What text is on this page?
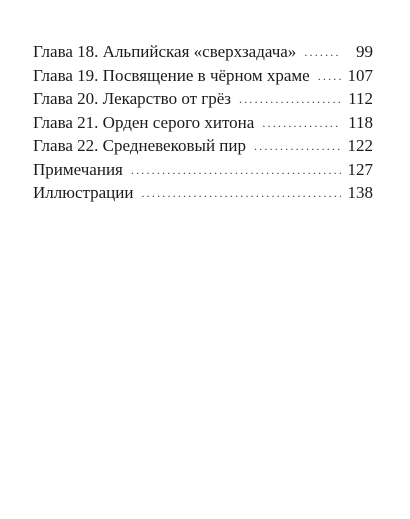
Глава 18. Альпийская «сверхзадача» .....	99
Глава 19. Посвящение в чёрном храме ..... 107
Глава 20. Лекарство от грёз .....	112
Глава 21. Орден серого хитона .....	118
Глава 22. Средневековый пир .....	122
Примечания .....	127
Иллюстрации .....	138
